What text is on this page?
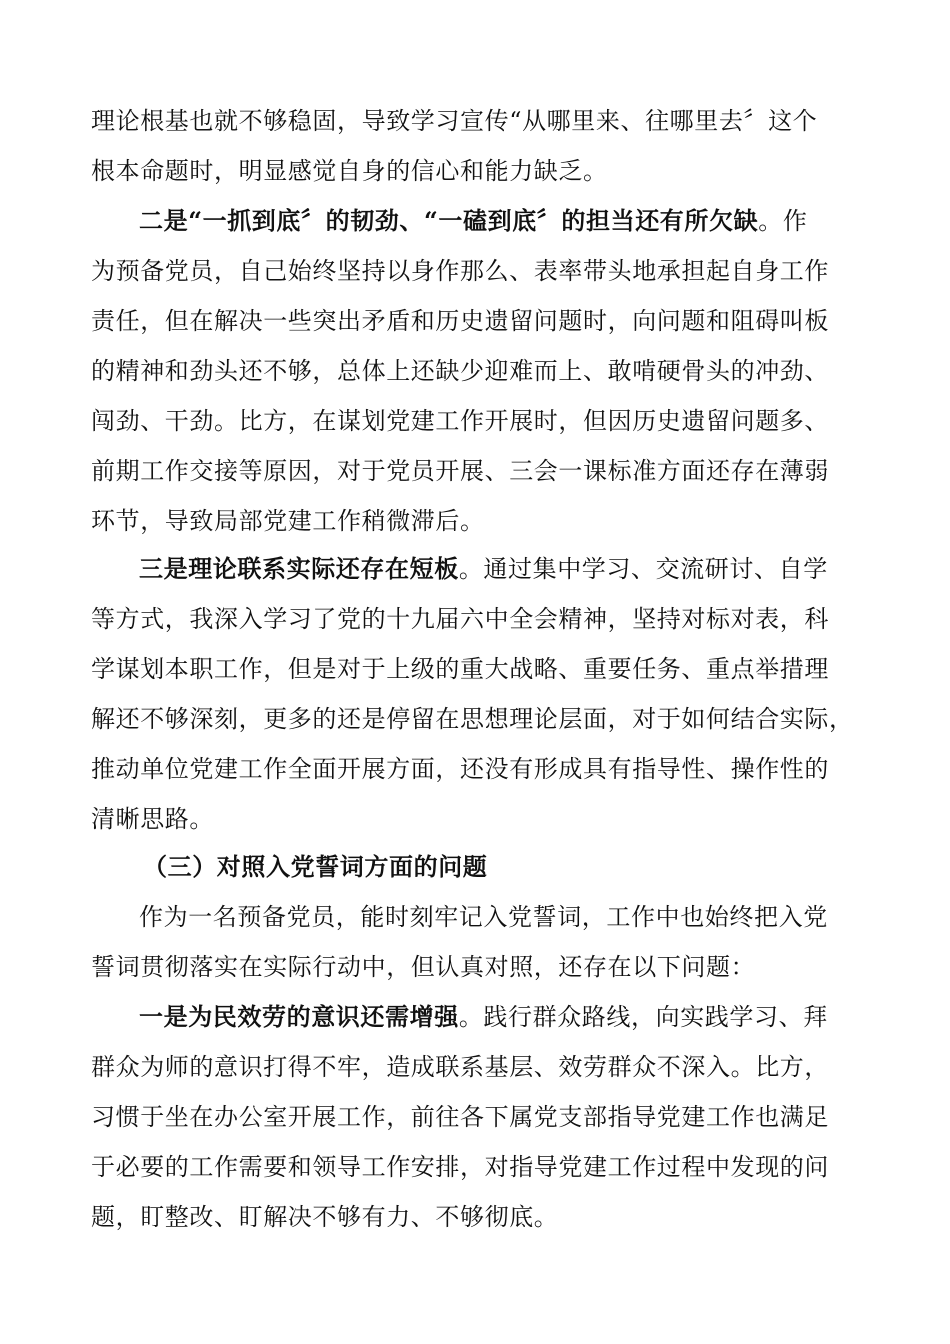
理论根基也就不够稳固，导致学习宣传“从哪里来、往哪里去〞这个
根本命题时，明显感觉自身的信心和能力缺乏。
二是“一抓到底〞的韧劲、“一磕到底〞的担当还有所欠缺。作
为预备党员，自己始终坚持以身作那么、表率带头地承担起自身工作
责任，但在解决一些突出矛盾和历史遗留问题时，向问题和阻碍叫板
的精神和劲头还不够，总体上还缺少迎难而上、敢啃硬骨头的冲劲、
闯劲、干劲。比方，在谋划党建工作开展时，但因历史遗留问题多、
前期工作交接等原因，对于党员开展、三会一课标准方面还存在薄弱
环节，导致局部党建工作稍微滞后。
三是理论联系实际还存在短板。通过集中学习、交流研讨、自学
等方式，我深入学习了党的十九届六中全会精神，坚持对标对表，科
学谋划本职工作，但是对于上级的重大战略、重要任务、重点举措理
解还不够深刻，更多的还是停留在思想理论层面，对于如何结合实际，
推动单位党建工作全面开展方面，还没有形成具有指导性、操作性的
清晰思路。
（三）对照入党誓词方面的问题
作为一名预备党员，能时刻牢记入党誓词，工作中也始终把入党
誓词贯彻落实在实际行动中，但认真对照，还存在以下问题：
一是为民效劳的意识还需增强。践行群众路线，向实践学习、拜
群众为师的意识打得不牢，造成联系基层、效劳群众不深入。比方，
习惯于坐在办公室开展工作，前往各下属党支部指导党建工作也满足
于必要的工作需要和领导工作安排，对指导党建工作过程中发现的问
题，盯整改、盯解决不够有力、不够彻底。
